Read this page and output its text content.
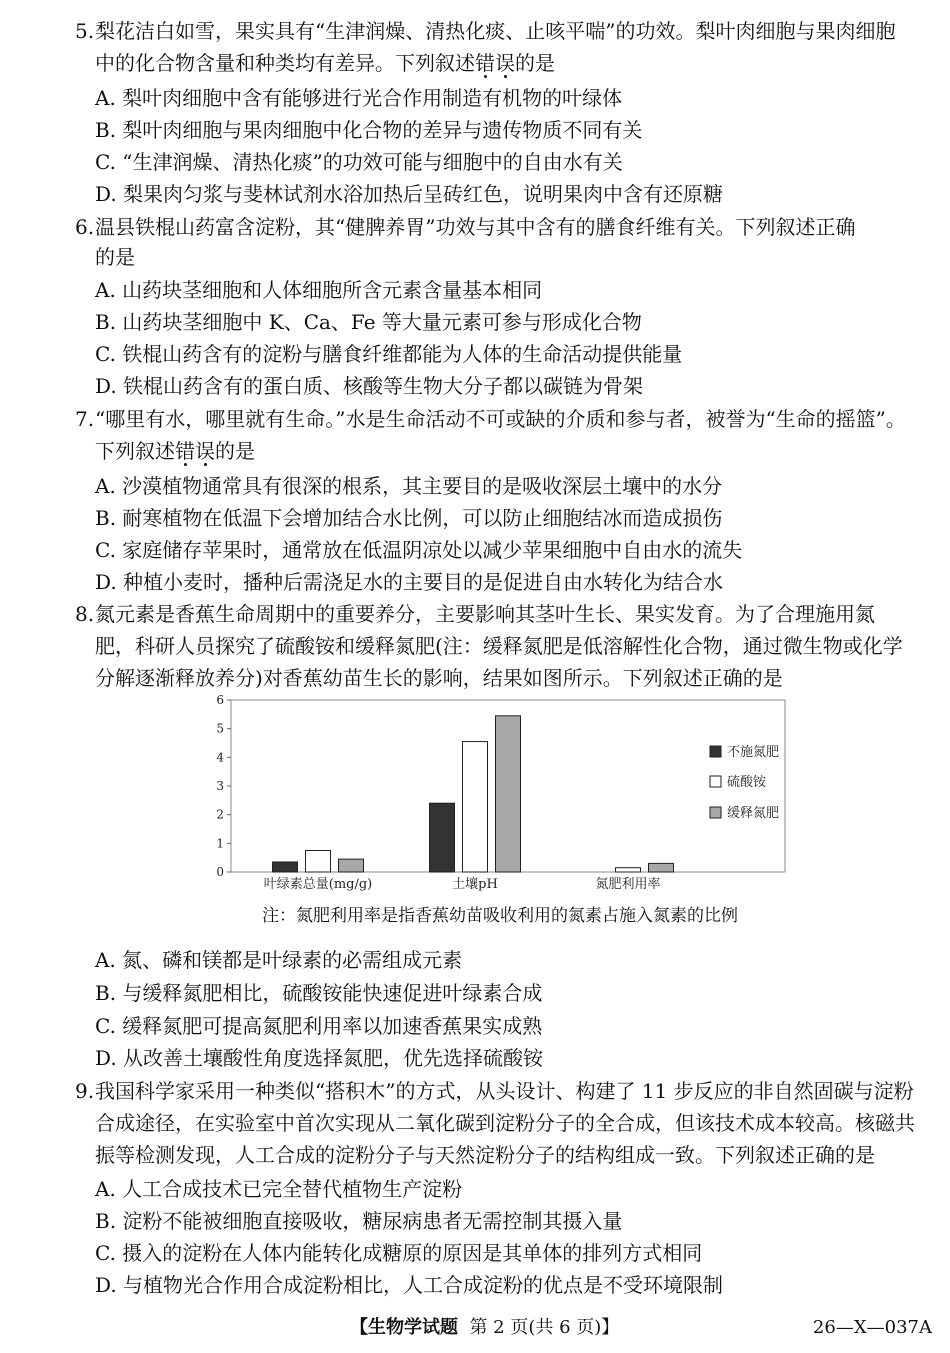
5. 梨花洁白如雪，果实具有“生津润燥、清热化痰、止咳平喘”的功效。梨叶肉细胞与果肉细胞
中的化合物含量和种类均有差异。下列叙述错误的是
A. 梨叶肉细胞中含有能够进行光合作用制造有机物的叶绿体
B. 梨叶肉细胞与果肉细胞中化合物的差异与遗传物质不同有关
C. “生津润燥、清热化痰”的功效可能与细胞中的自由水有关
D. 梨果肉匀浆与斐林试剂水浴加热后呈砖红色，说明果肉中含有还原糖
6. 温县铁棍山药富含淀粉，其“健脾养胃”功效与其中含有的膳食纤维有关。下列叙述正确
的是
A. 山药块茎细胞和人体细胞所含元素含量基本相同
B. 山药块茎细胞中 K、Ca、Fe 等大量元素可参与形成化合物
C. 铁棍山药含有的淀粉与膳食纤维都能为人体的生命活动提供能量
D. 铁棍山药含有的蛋白质、核酸等生物大分子都以碳链为骨架
7. “哪里有水，哪里就有生命。”水是生命活动不可或缺的介质和参与者，被誉为“生命的摇篮”。
下列叙述错误的是
A. 沙漠植物通常具有很深的根系，其主要目的是吸收深层土壤中的水分
B. 耐寒植物在低温下会增加结合水比例，可以防止细胞结冰而造成损伤
C. 家庭储存苹果时，通常放在低温阴凉处以减少苹果细胞中自由水的流失
D. 种植小麦时，播种后需浇足水的主要目的是促进自由水转化为结合水
8. 氮元素是香蕉生命周期中的重要养分，主要影响其茎叶生长、果实发育。为了合理施用氮
肥，科研人员探究了硫酸铵和缓释氮肥(注：缓释氮肥是低溶解性化合物，通过微生物或化学
分解逐渐释放养分)对香蕉幼苗生长的影响，结果如图所示。下列叙述正确的是
0
1
2
3
4
5
6
叶绿素总量(mg/g)	土壤pH	氮肥利用率
不施氮肥
硫酸铵
缓释氮肥
注：氮肥利用率是指香蕉幼苗吸收利用的氮素占施入氮素的比例
A. 氮、磷和镁都是叶绿素的必需组成元素
B. 与缓释氮肥相比，硫酸铵能快速促进叶绿素合成
C. 缓释氮肥可提高氮肥利用率以加速香蕉果实成熟
D. 从改善土壤酸性角度选择氮肥，优先选择硫酸铵
9. 我国科学家采用一种类似“搭积木”的方式，从头设计、构建了 11 步反应的非自然固碳与淀粉
合成途径，在实验室中首次实现从二氧化碳到淀粉分子的全合成，但该技术成本较高。核磁共
振等检测发现，人工合成的淀粉分子与天然淀粉分子的结构组成一致。下列叙述正确的是
A. 人工合成技术已完全替代植物生产淀粉
B. 淀粉不能被细胞直接吸收，糖尿病患者无需控制其摄入量
C. 摄入的淀粉在人体内能转化成糖原的原因是其单体的排列方式相同
D. 与植物光合作用合成淀粉相比，人工合成淀粉的优点是不受环境限制
【生物学试题 第 2 页(共 6 页)】	26—X—037A
